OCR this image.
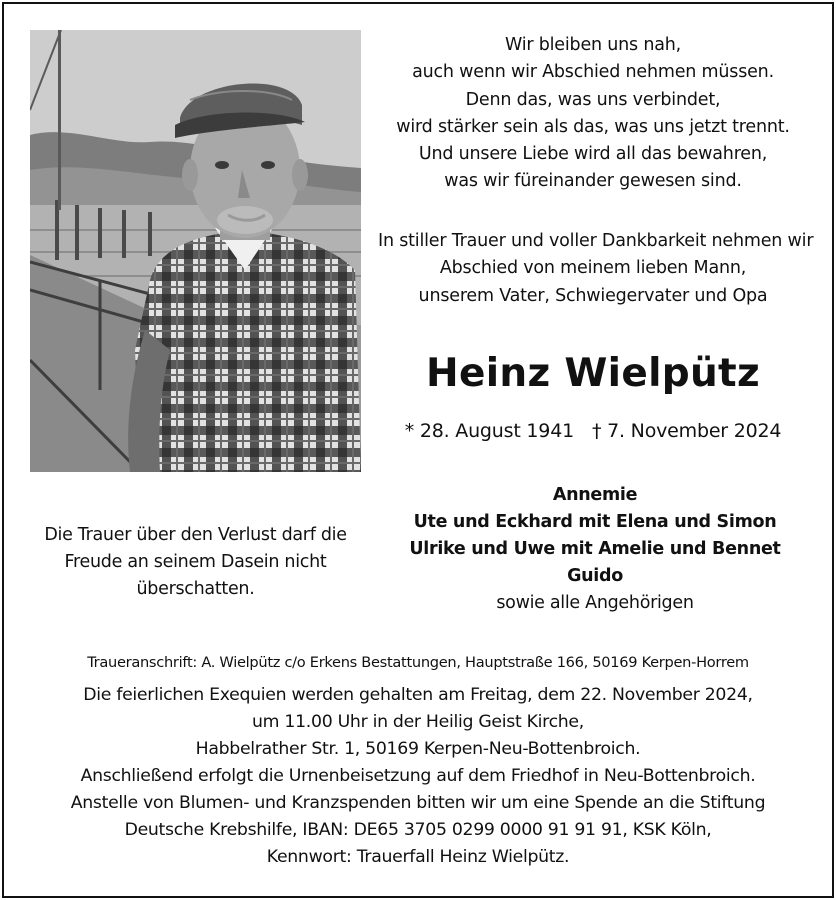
Wir bleiben uns nah,
auch wenn wir Abschied nehmen müssen.
Denn das, was uns verbindet,
wird stärker sein als das, was uns jetzt trennt.
Und unsere Liebe wird all das bewahren,
was wir füreinander gewesen sind.
In stiller Trauer und voller Dankbarkeit nehmen wir
Abschied von meinem lieben Mann,
unserem Vater, Schwiegervater und Opa
Heinz Wielpütz
* 28. August 1941 † 7. November 2024
Annemie
Ute und Eckhard mit Elena und Simon
Ulrike und Uwe mit Amelie und Bennet
Guido
sowie alle Angehörigen
Die Trauer über den Verlust darf die
Freude an seinem Dasein nicht
überschatten.
Traueranschrift: A. Wielpütz c/o Erkens Bestattungen, Hauptstraße 166, 50169 Kerpen-Horrem
Die feierlichen Exequien werden gehalten am Freitag, dem 22. November 2024,
um 11.00 Uhr in der Heilig Geist Kirche,
Habbelrather Str. 1, 50169 Kerpen-Neu-Bottenbroich.
Anschließend erfolgt die Urnenbeisetzung auf dem Friedhof in Neu-Bottenbroich.
Anstelle von Blumen- und Kranzspenden bitten wir um eine Spende an die Stiftung
Deutsche Krebshilfe, IBAN: DE65 3705 0299 0000 91 91 91, KSK Köln,
Kennwort: Trauerfall Heinz Wielpütz.
